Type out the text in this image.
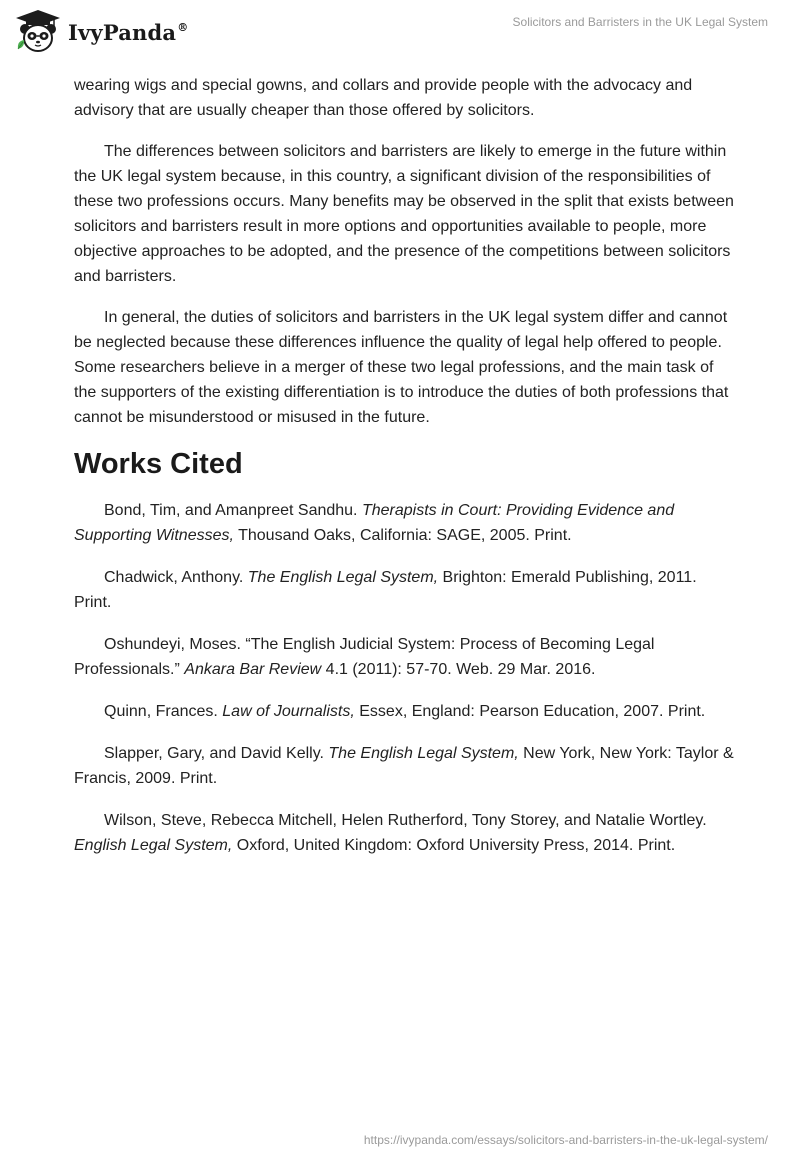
IvyPanda®	Solicitors and Barristers in the UK Legal System

wearing wigs and special gowns, and collars and provide people with the advocacy and advisory that are usually cheaper than those offered by solicitors.

The differences between solicitors and barristers are likely to emerge in the future within the UK legal system because, in this country, a significant division of the responsibilities of these two professions occurs. Many benefits may be observed in the split that exists between solicitors and barristers result in more options and opportunities available to people, more objective approaches to be adopted, and the presence of the competitions between solicitors and barristers.

In general, the duties of solicitors and barristers in the UK legal system differ and cannot be neglected because these differences influence the quality of legal help offered to people. Some researchers believe in a merger of these two legal professions, and the main task of the supporters of the existing differentiation is to introduce the duties of both professions that cannot be misunderstood or misused in the future.

Works Cited

Bond, Tim, and Amanpreet Sandhu. Therapists in Court: Providing Evidence and Supporting Witnesses, Thousand Oaks, California: SAGE, 2005. Print.

Chadwick, Anthony. The English Legal System, Brighton: Emerald Publishing, 2011. Print.

Oshundeyi, Moses. “The English Judicial System: Process of Becoming Legal Professionals.” Ankara Bar Review 4.1 (2011): 57-70. Web. 29 Mar. 2016.

Quinn, Frances. Law of Journalists, Essex, England: Pearson Education, 2007. Print.

Slapper, Gary, and David Kelly. The English Legal System, New York, New York: Taylor & Francis, 2009. Print.

Wilson, Steve, Rebecca Mitchell, Helen Rutherford, Tony Storey, and Natalie Wortley. English Legal System, Oxford, United Kingdom: Oxford University Press, 2014. Print.

https://ivypanda.com/essays/solicitors-and-barristers-in-the-uk-legal-system/
